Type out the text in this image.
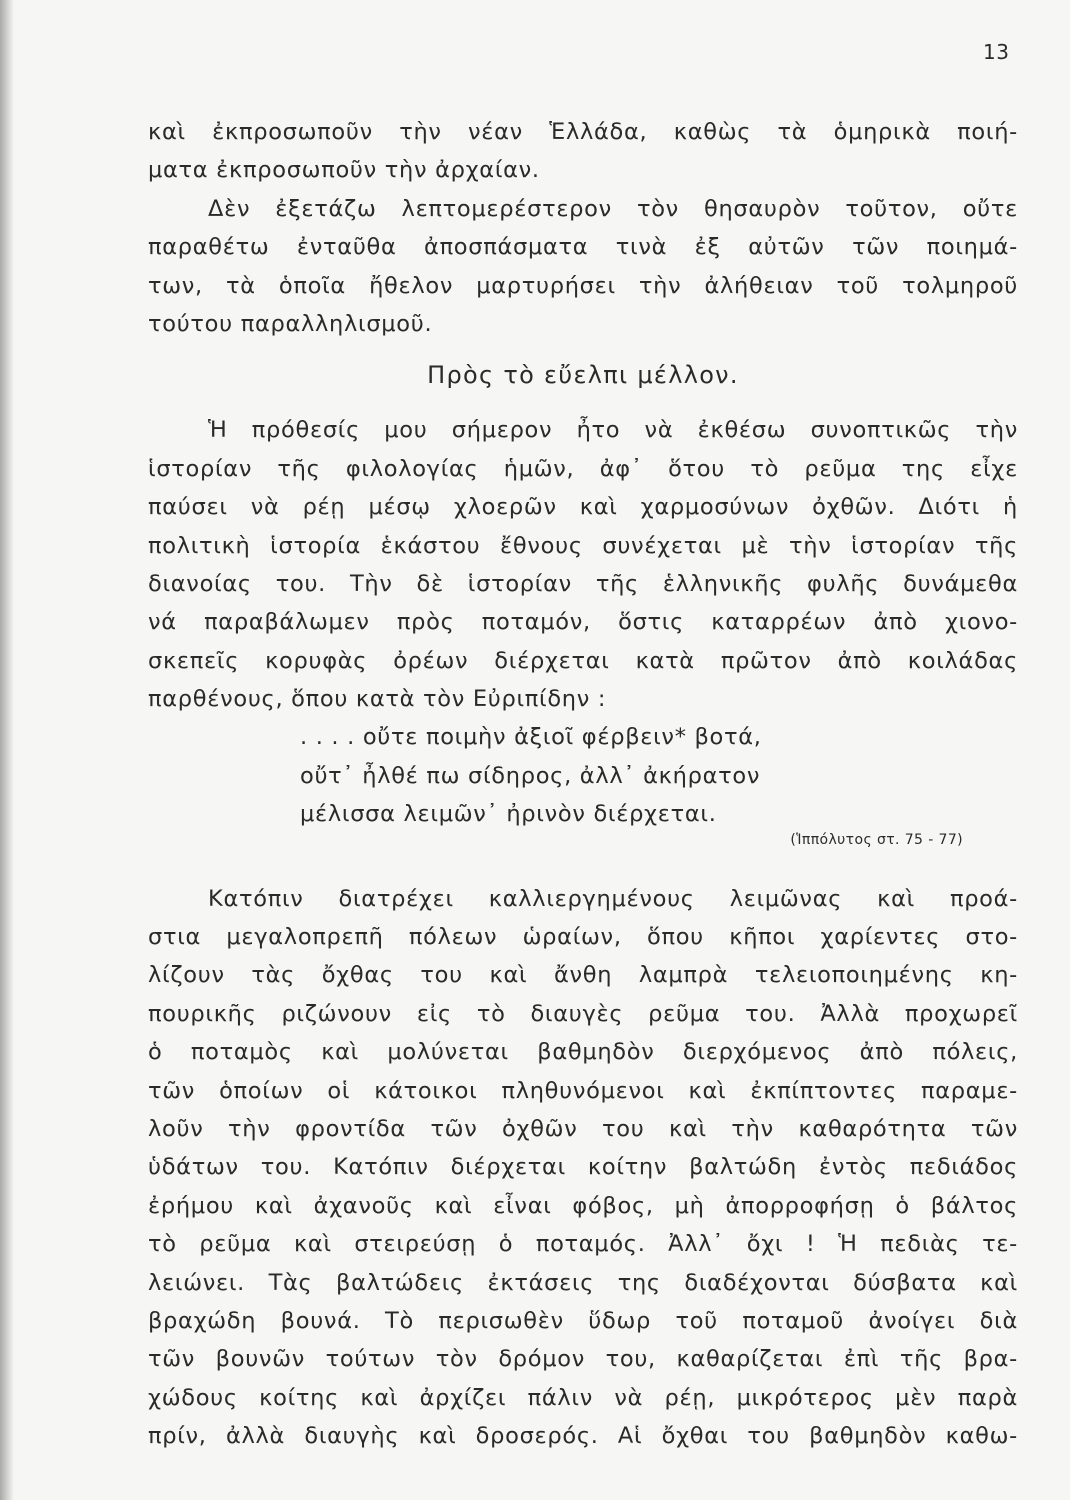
13
καὶ ἐκπροσωποῦν τὴν νέαν Ἑλλάδα, καθὼς τὰ ὁμηρικὰ ποιή-
ματα ἐκπροσωποῦν τὴν ἀρχαίαν.
Δὲν ἐξετάζω λεπτομερέστερον τὸν θησαυρὸν τοῦτον, οὔτε
παραθέτω ἐνταῦθα ἀποσπάσματα τινὰ ἐξ αὐτῶν τῶν ποιημά-
των, τὰ ὁποῖα ἤθελον μαρτυρήσει τὴν ἀλήθειαν τοῦ τολμηροῦ
τούτου παραλληλισμοῦ.
Πρὸς τὸ εὔελπι μέλλον.
Ἡ πρόθεσίς μου σήμερον ἦτο νὰ ἐκθέσω συνοπτικῶς τὴν
ἱστορίαν τῆς φιλολογίας ἡμῶν, ἀφ᾿ ὅτου τὸ ρεῦμα της εἶχε
παύσει νὰ ρέῃ μέσῳ χλοερῶν καὶ χαρμοσύνων ὀχθῶν. Διότι ἡ
πολιτικὴ ἱστορία ἑκάστου ἔθνους συνέχεται μὲ τὴν ἱστορίαν τῆς
διανοίας του. Τὴν δὲ ἱστορίαν τῆς ἑλληνικῆς φυλῆς δυνάμεθα
νά παραβάλωμεν πρὸς ποταμόν, ὅστις καταρρέων ἀπὸ χιονο-
σκεπεῖς κορυφὰς ὀρέων διέρχεται κατὰ πρῶτον ἀπὸ κοιλάδας
παρθένους, ὅπου κατὰ τὸν Εὐριπίδην :
. . . . οὔτε ποιμὴν ἀξιοῖ φέρβειν* βοτά,
οὔτ᾿ ἦλθέ πω σίδηρος, ἀλλ᾿ ἀκήρατον
μέλισσα λειμῶν᾿ ἠρινὸν διέρχεται.
(Ἱππόλυτος στ. 75 - 77)
Κατόπιν διατρέχει καλλιεργημένους λειμῶνας καὶ προά-
στια μεγαλοπρεπῆ πόλεων ὡραίων, ὅπου κῆποι χαρίεντες στο-
λίζουν τὰς ὄχθας του καὶ ἄνθη λαμπρὰ τελειοποιημένης κη-
πουρικῆς ριζώνουν εἰς τὸ διαυγὲς ρεῦμα του. Ἀλλὰ προχωρεῖ
ὁ ποταμὸς καὶ μολύνεται βαθμηδὸν διερχόμενος ἀπὸ πόλεις,
τῶν ὁποίων οἱ κάτοικοι πληθυνόμενοι καὶ ἐκπίπτοντες παραμε-
λοῦν τὴν φροντίδα τῶν ὀχθῶν του καὶ τὴν καθαρότητα τῶν
ὑδάτων του. Κατόπιν διέρχεται κοίτην βαλτώδη ἐντὸς πεδιάδος
ἐρήμου καὶ ἀχανοῦς καὶ εἶναι φόβος, μὴ ἀπορροφήσῃ ὁ βάλτος
τὸ ρεῦμα καὶ στειρεύσῃ ὁ ποταμός. Ἀλλ᾿ ὄχι ! Ἡ πεδιὰς τε-
λειώνει. Τὰς βαλτώδεις ἐκτάσεις της διαδέχονται δύσβατα καὶ
βραχώδη βουνά. Τὸ περισωθὲν ὕδωρ τοῦ ποταμοῦ ἀνοίγει διὰ
τῶν βουνῶν τούτων τὸν δρόμον του, καθαρίζεται ἐπὶ τῆς βρα-
χώδους κοίτης καὶ ἀρχίζει πάλιν νὰ ρέῃ, μικρότερος μὲν παρὰ
πρίν, ἀλλὰ διαυγὴς καὶ δροσερός. Αἱ ὄχθαι του βαθμηδὸν καθω-
